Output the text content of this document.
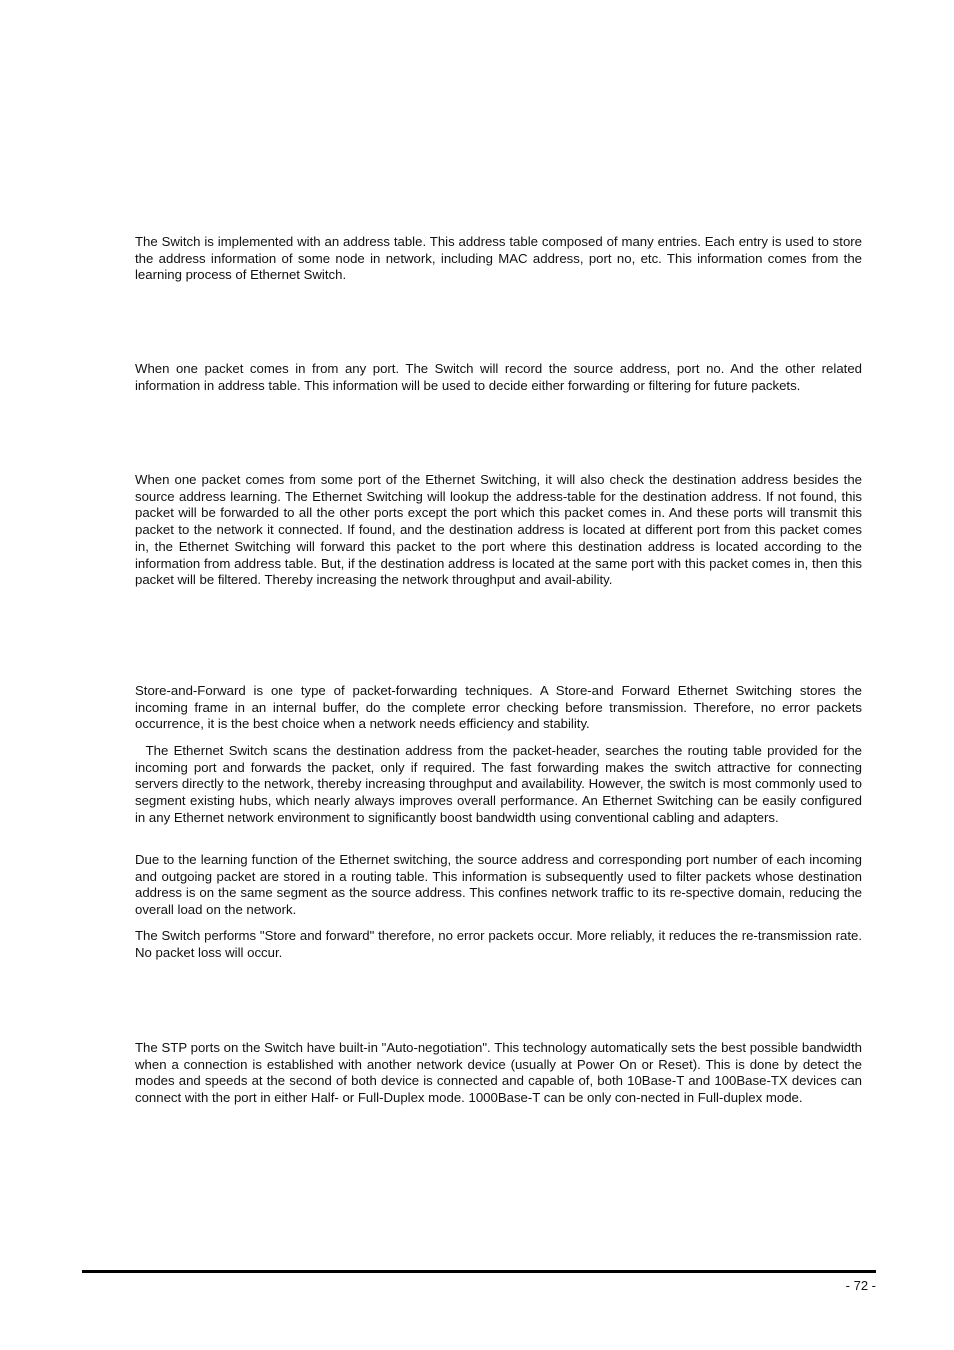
The Switch is implemented with an address table. This address table composed of many entries. Each entry is used to store the address information of some node in network, including MAC address, port no, etc. This information comes from the learning process of Ethernet Switch.

When one packet comes in from any port. The Switch will record the source address, port no. And the other related information in address table. This information will be used to decide either forwarding or filtering for future packets.

When one packet comes from some port of the Ethernet Switching, it will also check the destination address besides the source address learning. The Ethernet Switching will lookup the address-table for the destination address. If not found, this packet will be forwarded to all the other ports except the port which this packet comes in. And these ports will transmit this packet to the network it connected. If found, and the destination address is located at different port from this packet comes in, the Ethernet Switching will forward this packet to the port where this destination address is located according to the information from address table. But, if the destination address is located at the same port with this packet comes in, then this packet will be filtered. Thereby increasing the network throughput and avail-ability.

Store-and-Forward is one type of packet-forwarding techniques. A Store-and Forward Ethernet Switching stores the incoming frame in an internal buffer, do the complete error checking before transmission. Therefore, no error packets occurrence, it is the best choice when a network needs efficiency and stability.

The Ethernet Switch scans the destination address from the packet-header, searches the routing table provided for the incoming port and forwards the packet, only if required. The fast forwarding makes the switch attractive for connecting servers directly to the network, thereby increasing throughput and availability. However, the switch is most commonly used to segment existing hubs, which nearly always improves overall performance. An Ethernet Switching can be easily configured in any Ethernet network environment to significantly boost bandwidth using conventional cabling and adapters.

Due to the learning function of the Ethernet switching, the source address and corresponding port number of each incoming and outgoing packet are stored in a routing table. This information is subsequently used to filter packets whose destination address is on the same segment as the source address. This confines network traffic to its re-spective domain, reducing the overall load on the network.

The Switch performs "Store and forward" therefore, no error packets occur. More reliably, it reduces the re-transmission rate. No packet loss will occur.

The STP ports on the Switch have built-in "Auto-negotiation". This technology automatically sets the best possible bandwidth when a connection is established with another network device (usually at Power On or Reset). This is done by detect the modes and speeds at the second of both device is connected and capable of, both 10Base-T and 100Base-TX devices can connect with the port in either Half- or Full-Duplex mode. 1000Base-T can be only con-nected in Full-duplex mode.

- 72 -
